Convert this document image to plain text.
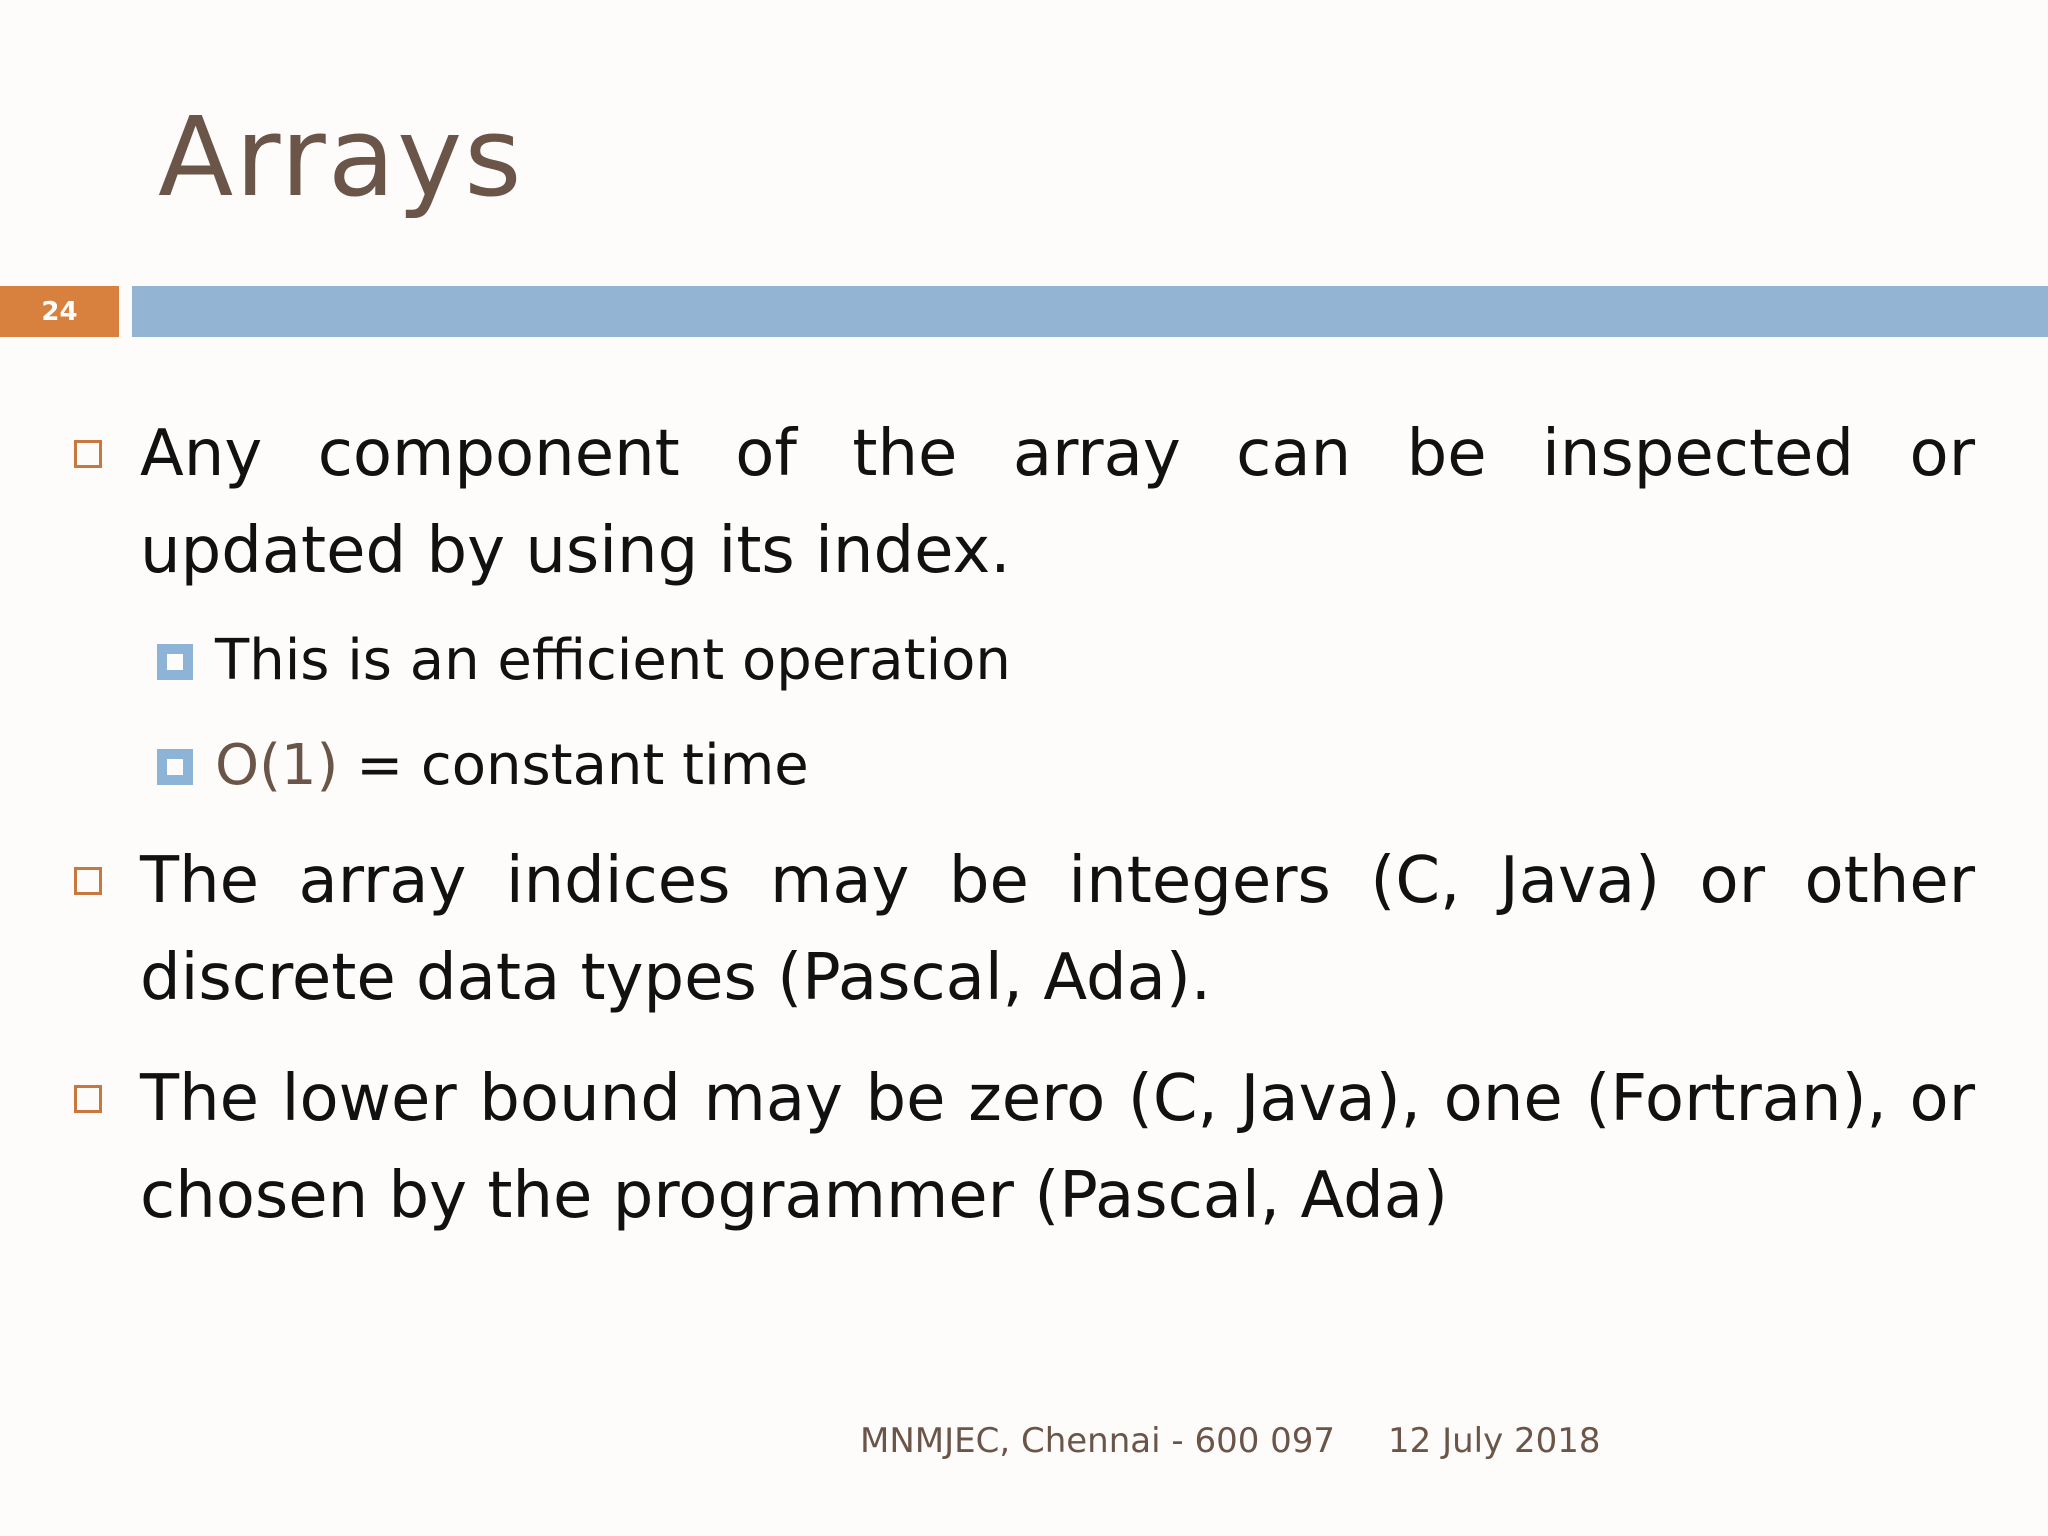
Arrays
24
Any component of the array can be inspected or updated by using its index.
This is an efficient operation
O(1) = constant time
The array indices may be integers (C, Java) or other discrete data types (Pascal, Ada).
The lower bound may be zero (C, Java), one (Fortran), or chosen by the programmer (Pascal, Ada)
MNMJEC, Chennai - 600 097 12 July 2018
